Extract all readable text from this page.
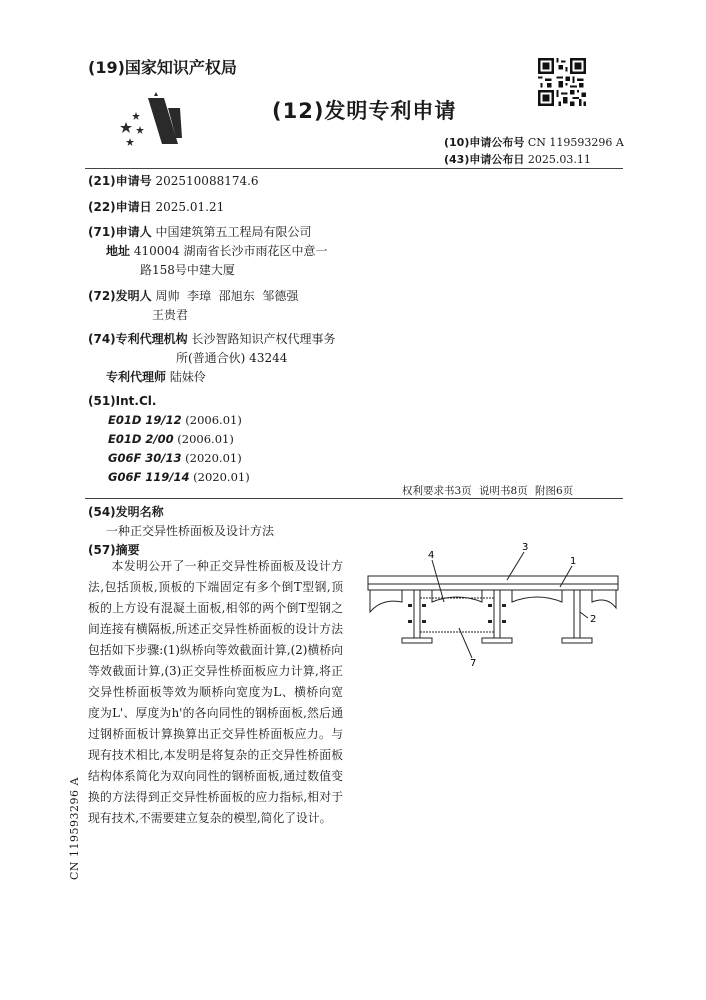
(19)国家知识产权局
(12)发明专利申请
(10)申请公布号 CN 119593296 A
(43)申请公布日 2025.03.11
(21)申请号 202510088174.6
(22)申请日 2025.01.21
(71)申请人 中国建筑第五工程局有限公司
地址 410004 湖南省长沙市雨花区中意一
路158号中建大厦
(72)发明人 周帅  李璋  邵旭东  邹德强
王贵君
(74)专利代理机构 长沙智路知识产权代理事务
所(普通合伙) 43244
专利代理师 陆妹伶
(51)Int.Cl.
E01D 19/12 (2006.01)
E01D 2/00 (2006.01)
G06F 30/13 (2020.01)
G06F 119/14 (2020.01)
权利要求书3页 说明书8页 附图6页
(54)发明名称
一种正交异性桥面板及设计方法
(57)摘要
本发明公开了一种正交异性桥面板及设计方法,包括顶板,顶板的下端固定有多个倒T型钢,顶板的上方设有混凝土面板,相邻的两个倒T型钢之间连接有横隔板,所述正交异性桥面板的设计方法包括如下步骤:(1)纵桥向等效截面计算,(2)横桥向等效截面计算,(3)正交异性桥面板应力计算,将正交异性桥面板等效为顺桥向宽度为L、横桥向宽度为L'、厚度为h'的各向同性的钢桥面板,然后通过钢桥面板计算换算出正交异性桥面板应力。与现有技术相比,本发明是将复杂的正交异性桥面板结构体系简化为双向同性的钢桥面板,通过数值变换的方法得到正交异性桥面板的应力指标,相对于现有技术,不需要建立复杂的模型,简化了设计。
4
3
1
2
7
CN 119593296 A
